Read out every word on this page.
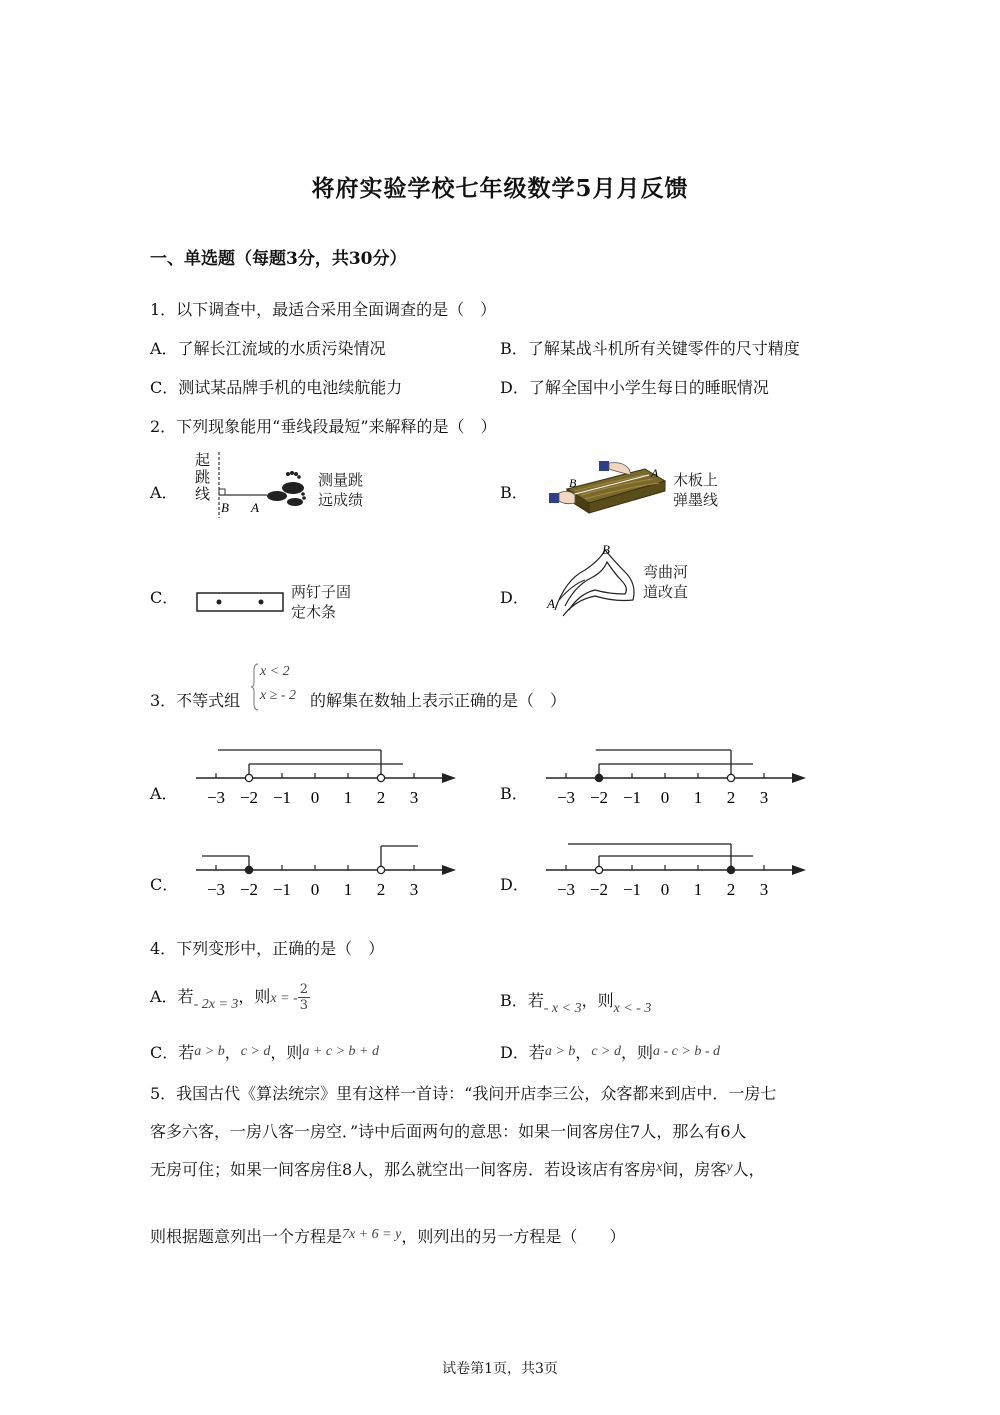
将府实验学校七年级数学5月月反馈
一、单选题（每题3分，共30分）
1．以下调查中，最适合采用全面调查的是（　）
A．了解长江流域的水质污染情况	B．了解某战斗机所有关键零件的尺寸精度
C．测试某品牌手机的电池续航能力	D．了解全国中小学生每日的睡眠情况
2．下列现象能用“垂线段最短”来解释的是（　）
A．
B A
起
跳
线
测量跳
远成绩	B．	B
A 木板上
弹墨线
C．	两钉子固
定木条
D．
B
A
弯曲河
道改直
3．不等式组
x < 2
x ≥ - 2 的解集在数轴上表示正确的是（　）
A．	B．
C．	D．
−3 −2 −1 0 1 2 3	−3 −2 −1 0 1 2 3
−3 −2 −1 0 1 2 3	−3 −2 −1 0 1 2 3
4．下列变形中，正确的是（　）
A．若- 2x = 3，则x = - $\frac{2}{3}$	B．若- x < 3，则x < - 3
C．若a > b，c > d，则a + c > b + d	D．若a > b，c > d，则a - c > b - d
5．我国古代《算法统宗》里有这样一首诗：“我问开店李三公，众客都来到店中．一房七
客多六客，一房八客一房空．”诗中后面两句的意思：如果一间客房住7人，那么有6人
无房可住；如果一间客房住8人，那么就空出一间客房．若设该店有客房x间，房客y人，
则根据题意列出一个方程是7x + 6 = y，则列出的另一方程是（　　）
试卷第1页，共3页
